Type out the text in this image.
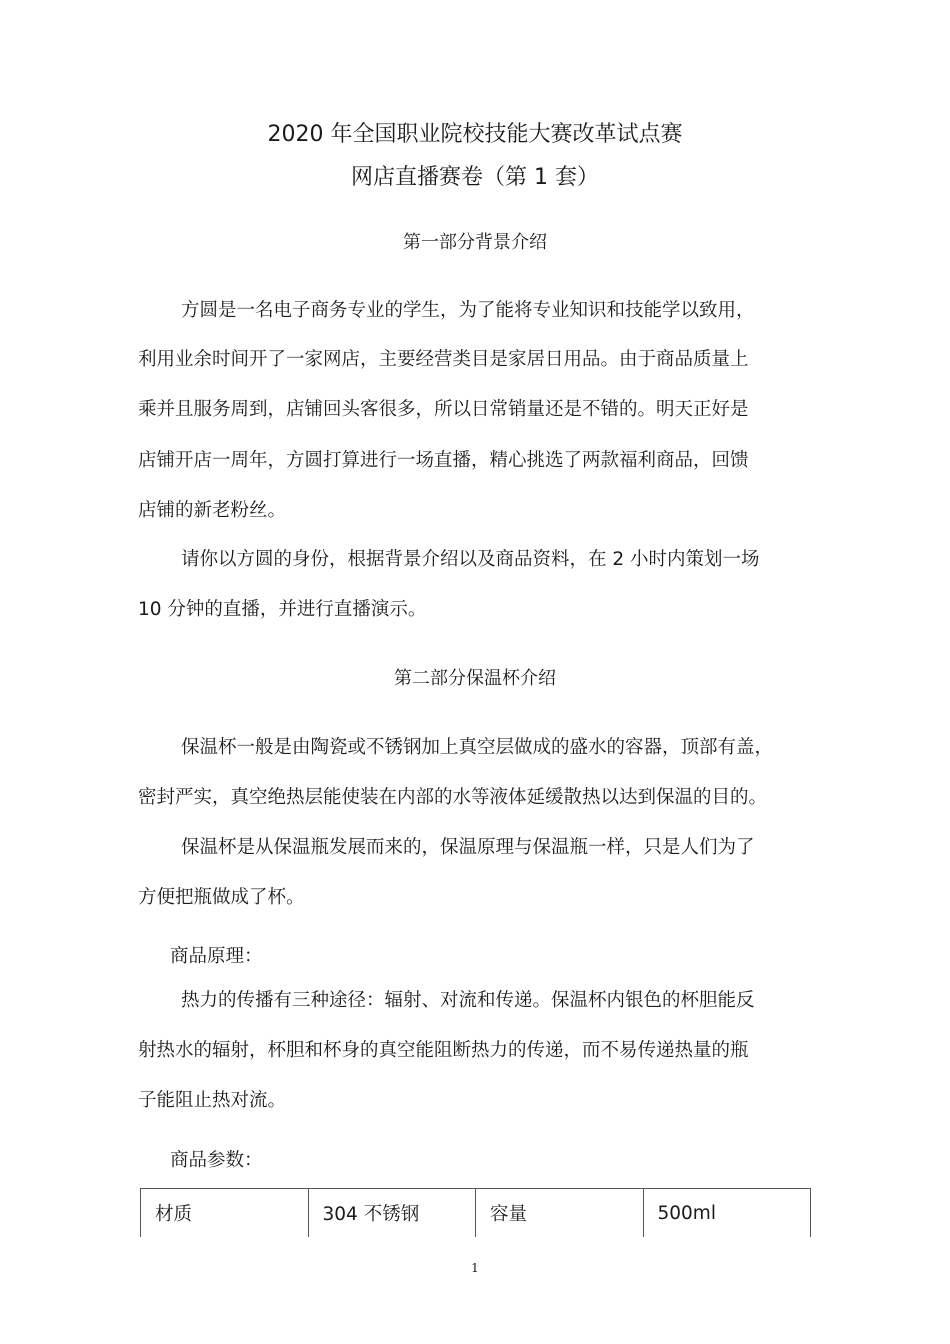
2020 年全国职业院校技能大赛改革试点赛
网店直播赛卷（第 1 套）
第一部分背景介绍
方圆是一名电子商务专业的学生，为了能将专业知识和技能学以致用，
利用业余时间开了一家网店，主要经营类目是家居日用品。由于商品质量上
乘并且服务周到，店铺回头客很多，所以日常销量还是不错的。明天正好是
店铺开店一周年，方圆打算进行一场直播，精心挑选了两款福利商品，回馈
店铺的新老粉丝。
请你以方圆的身份，根据背景介绍以及商品资料，在 2 小时内策划一场
10 分钟的直播，并进行直播演示。
第二部分保温杯介绍
保温杯一般是由陶瓷或不锈钢加上真空层做成的盛水的容器，顶部有盖，
密封严实，真空绝热层能使装在内部的水等液体延缓散热以达到保温的目的。
保温杯是从保温瓶发展而来的，保温原理与保温瓶一样，只是人们为了
方便把瓶做成了杯。
商品原理：
热力的传播有三种途径：辐射、对流和传递。保温杯内银色的杯胆能反
射热水的辐射，杯胆和杯身的真空能阻断热力的传递，而不易传递热量的瓶
子能阻止热对流。
商品参数：
材质	304 不锈钢	容量	500ml
1
